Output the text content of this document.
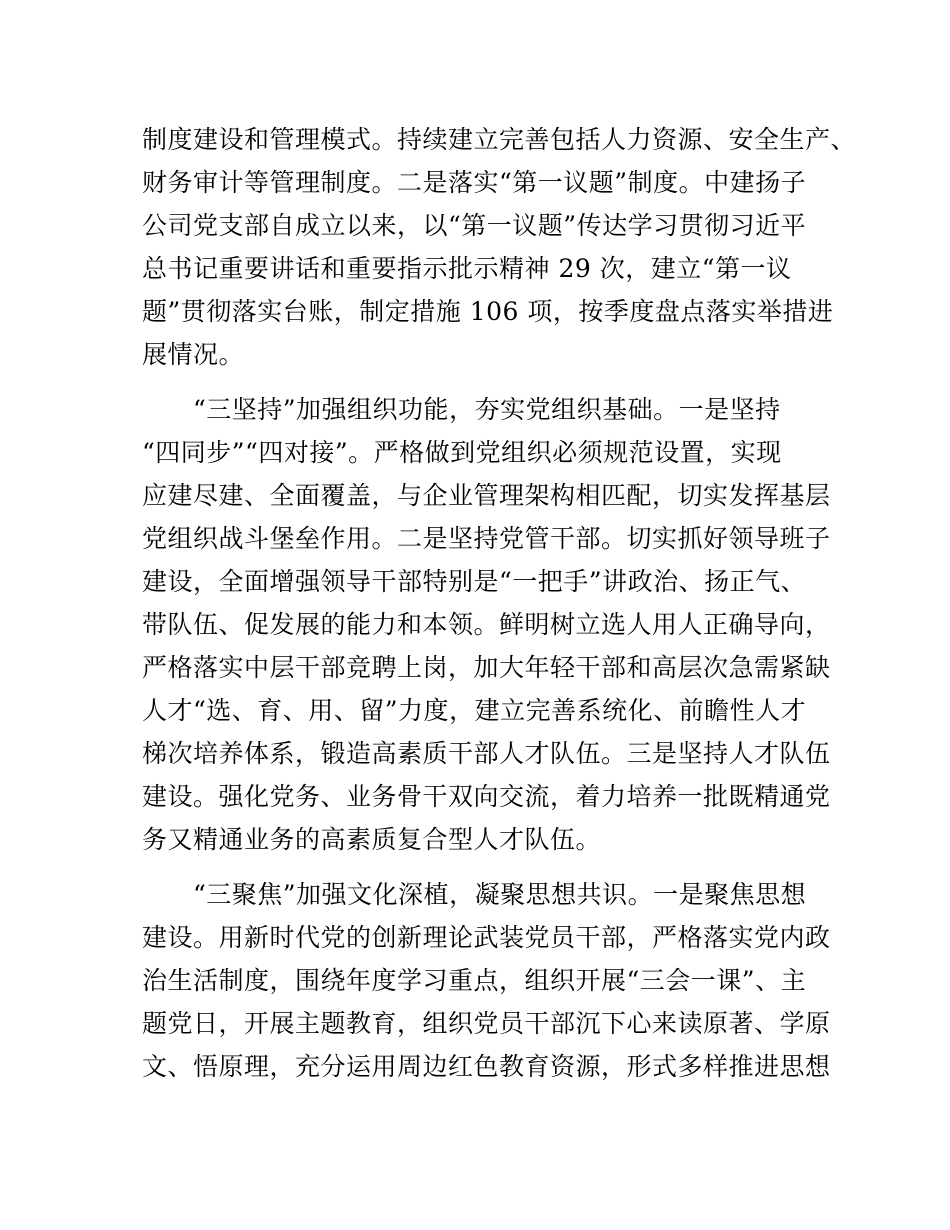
制度建设和管理模式。持续建立完善包括人力资源、安全生产、
财务审计等管理制度。二是落实“第一议题”制度。中建扬子
公司党支部自成立以来，以“第一议题”传达学习贯彻习近平
总书记重要讲话和重要指示批示精神 29 次，建立“第一议
题”贯彻落实台账，制定措施 106 项，按季度盘点落实举措进
展情况。
　　“三坚持”加强组织功能，夯实党组织基础。一是坚持
“四同步”“四对接”。严格做到党组织必须规范设置，实现
应建尽建、全面覆盖，与企业管理架构相匹配，切实发挥基层
党组织战斗堡垒作用。二是坚持党管干部。切实抓好领导班子
建设，全面增强领导干部特别是“一把手”讲政治、扬正气、
带队伍、促发展的能力和本领。鲜明树立选人用人正确导向，
严格落实中层干部竞聘上岗，加大年轻干部和高层次急需紧缺
人才“选、育、用、留”力度，建立完善系统化、前瞻性人才
梯次培养体系，锻造高素质干部人才队伍。三是坚持人才队伍
建设。强化党务、业务骨干双向交流，着力培养一批既精通党
务又精通业务的高素质复合型人才队伍。
　　“三聚焦”加强文化深植，凝聚思想共识。一是聚焦思想
建设。用新时代党的创新理论武装党员干部，严格落实党内政
治生活制度，围绕年度学习重点，组织开展“三会一课”、主
题党日，开展主题教育，组织党员干部沉下心来读原著、学原
文、悟原理，充分运用周边红色教育资源，形式多样推进思想
